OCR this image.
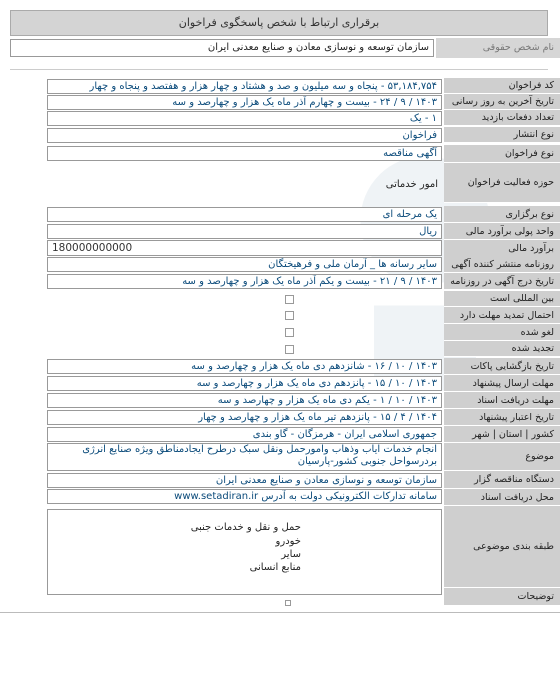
برقراری ارتباط با شخص پاسخگوی فراخوان
نام شخص حقوقی
سازمان توسعه و نوسازی معادن و صنایع معدنی ایران
کد فراخوان
۵۳,۱۸۴,۷۵۴ - پنجاه و سه میلیون و صد و هشتاد و چهار هزار و هفتصد و پنجاه و چهار
تاریخ آخرین به روز رسانی
۱۴۰۳ / ۹ / ۲۴ - بیست و چهارم آذر ماه یک هزار و چهارصد و سه
تعداد دفعات بازدید
۱ - یک
نوع انتشار
فراخوان
نوع فراخوان
آگهی مناقصه
حوزه فعالیت فراخوان
امور خدماتی
نوع برگزاری
یک مرحله ای
واحد پولی برآورد مالی
ریال
برآورد مالی
180000000000
روزنامه منتشر کننده آگهی
سایر رسانه ها _ آرمان ملی و فرهیختگان
تاریخ درج آگهی در روزنامه
۱۴۰۳ / ۹ / ۲۱ - بیست و یکم آذر ماه یک هزار و چهارصد و سه
بین المللی است
احتمال تمدید مهلت دارد
لغو شده
تجدید شده
تاریخ بازگشایی پاکات
۱۴۰۳ / ۱۰ / ۱۶ - شانزدهم دی ماه یک هزار و چهارصد و سه
مهلت ارسال پیشنهاد
۱۴۰۳ / ۱۰ / ۱۵ - پانزدهم دی ماه یک هزار و چهارصد و سه
مهلت دریافت اسناد
۱۴۰۳ / ۱۰ / ۱ - یکم دی ماه یک هزار و چهارصد و سه
تاریخ اعتبار پیشنهاد
۱۴۰۴ / ۴ / ۱۵ - پانزدهم تیر ماه یک هزار و چهارصد و چهار
کشور | استان | شهر
جمهوری اسلامی ایران - هرمزگان - گاو بندی
موضوع
انجام خدمات ایاب وذهاب وامورحمل ونقل سبک درطرح ایجادمناطق ویژه صنایع انرژی بردرسواحل جنوبی کشور-پارسیان
دستگاه مناقصه گزار
سازمان توسعه و نوسازی معادن و صنایع معدنی ایران
محل دریافت اسناد
سامانه تدارکات الکترونیکی دولت به آدرس www.setadiran.ir
طبقه بندی موضوعی
حمل و نقل و خدمات جنبی
خودرو
سایر
منابع انسانی
توضیحات
